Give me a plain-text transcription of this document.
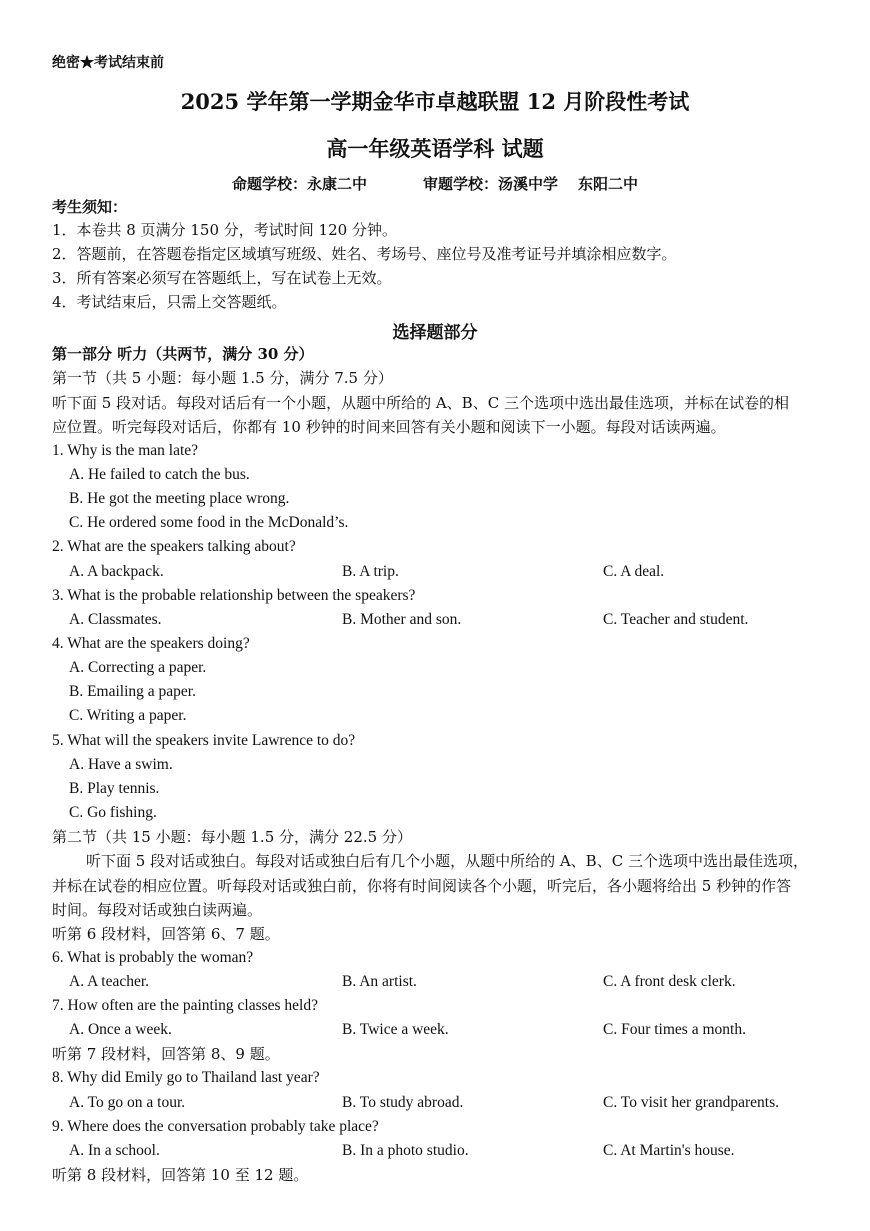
绝密★考试结束前
2025 学年第一学期金华市卓越联盟 12 月阶段性考试
高一年级英语学科 试题
命题学校：永康二中	审题学校：汤溪中学 东阳二中
考生须知：
1．本卷共 8 页满分 150 分，考试时间 120 分钟。
2．答题前，在答题卷指定区域填写班级、姓名、考场号、座位号及准考证号并填涂相应数字。
3．所有答案必须写在答题纸上，写在试卷上无效。
4．考试结束后，只需上交答题纸。
选择题部分
第一部分 听力（共两节，满分 30 分）
第一节（共 5 小题：每小题 1.5 分，满分 7.5 分）
听下面 5 段对话。每段对话后有一个小题，从题中所给的 A、B、C 三个选项中选出最佳选项，并标在试卷的相
应位置。听完每段对话后，你都有 10 秒钟的时间来回答有关小题和阅读下一小题。每段对话读两遍。
1. Why is the man late?
A. He failed to catch the bus.
B. He got the meeting place wrong.
C. He ordered some food in the McDonald’s.
2. What are the speakers talking about?
A. A backpack.	B. A trip.	C. A deal.
3. What is the probable relationship between the speakers?
A. Classmates.	B. Mother and son.	C. Teacher and student.
4. What are the speakers doing?
A. Correcting a paper.
B. Emailing a paper.
C. Writing a paper.
5. What will the speakers invite Lawrence to do?
A. Have a swim.
B. Play tennis.
C. Go fishing.
第二节（共 15 小题：每小题 1.5 分，满分 22.5 分）
听下面 5 段对话或独白。每段对话或独白后有几个小题，从题中所给的 A、B、C 三个选项中选出最佳选项，
并标在试卷的相应位置。听每段对话或独白前，你将有时间阅读各个小题，听完后，各小题将给出 5 秒钟的作答
时间。每段对话或独白读两遍。
听第 6 段材料，回答第 6、7 题。
6. What is probably the woman?
A. A teacher.	B. An artist.	C. A front desk clerk.
7. How often are the painting classes held?
A. Once a week.	B. Twice a week.	C. Four times a month.
听第 7 段材料，回答第 8、9 题。
8. Why did Emily go to Thailand last year?
A. To go on a tour.	B. To study abroad.	C. To visit her grandparents.
9. Where does the conversation probably take place?
A. In a school.	B. In a photo studio.	C. At Martin's house.
听第 8 段材料，回答第 10 至 12 题。
